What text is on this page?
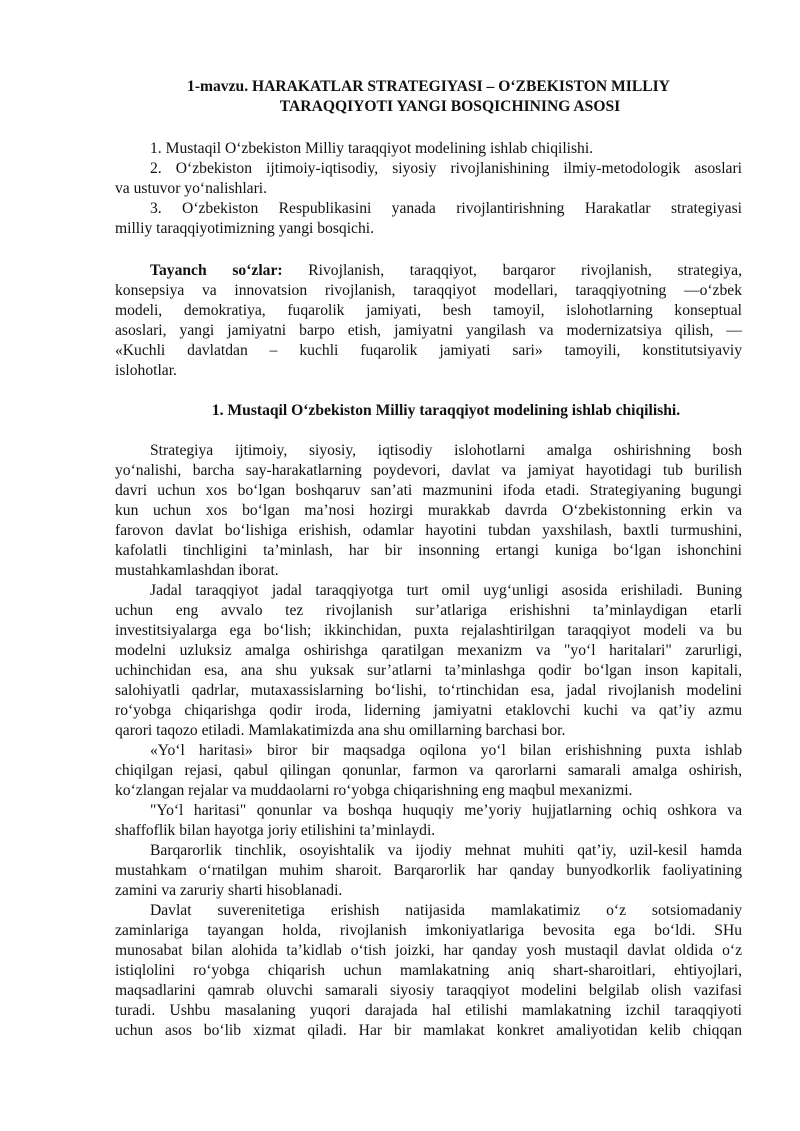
1-mavzu. HARAKATLAR STRATEGIYASI – O‘ZBEKISTON MILLIY
TARAQQIYOTI YANGI BOSQICHINING ASOSI
1. Mustaqil O‘zbekiston Milliy taraqqiyot modelining ishlab chiqilishi.
2. O‘zbekiston ijtimoiy-iqtisodiy, siyosiy rivojlanishining ilmiy-metodologik asoslari
va ustuvor yo‘nalishlari.
3. O‘zbekiston Respublikasini yanada rivojlantirishning Harakatlar strategiyasi
milliy taraqqiyotimizning yangi bosqichi.
Tayanch so‘zlar: Rivojlanish, taraqqiyot, barqaror rivojlanish, strategiya,
konsepsiya va innovatsion rivojlanish, taraqqiyot modellari, taraqqiyotning —o‘zbek
modeli, demokratiya, fuqarolik jamiyati, besh tamoyil, islohotlarning konseptual
asoslari, yangi jamiyatni barpo etish, jamiyatni yangilash va modernizatsiya qilish, —
«Kuchli davlatdan – kuchli fuqarolik jamiyati sari» tamoyili, konstitutsiyaviy
islohotlar.
1. Mustaqil O‘zbekiston Milliy taraqqiyot modelining ishlab chiqilishi.
Strategiya ijtimoiy, siyosiy, iqtisodiy islohotlarni amalga oshirishning bosh
yo‘nalishi, barcha say-harakatlarning poydevori, davlat va jamiyat hayotidagi tub burilish
davri uchun xos bo‘lgan boshqaruv san’ati mazmunini ifoda etadi. Strategiyaning bugungi
kun uchun xos bo‘lgan ma’nosi hozirgi murakkab davrda O‘zbekistonning erkin va
farovon davlat bo‘lishiga erishish, odamlar hayotini tubdan yaxshilash, baxtli turmushini,
kafolatli tinchligini ta’minlash, har bir insonning ertangi kuniga bo‘lgan ishonchini
mustahkamlashdan iborat.
Jadal taraqqiyot jadal taraqqiyotga turt omil uyg‘unligi asosida erishiladi. Buning
uchun eng avvalo tez rivojlanish sur’atlariga erishishni ta’minlaydigan etarli
investitsiyalarga ega bo‘lish; ikkinchidan, puxta rejalashtirilgan taraqqiyot modeli va bu
modelni uzluksiz amalga oshirishga qaratilgan mexanizm va "yo‘l haritalari" zarurligi,
uchinchidan esa, ana shu yuksak sur’atlarni ta’minlashga qodir bo‘lgan inson kapitali,
salohiyatli qadrlar, mutaxassislarning bo‘lishi, to‘rtinchidan esa, jadal rivojlanish modelini
ro‘yobga chiqarishga qodir iroda, liderning jamiyatni etaklovchi kuchi va qat’iy azmu
qarori taqozo etiladi. Mamlakatimizda ana shu omillarning barchasi bor.
«Yo‘l haritasi» biror bir maqsadga oqilona yo‘l bilan erishishning puxta ishlab
chiqilgan rejasi, qabul qilingan qonunlar, farmon va qarorlarni samarali amalga oshirish,
ko‘zlangan rejalar va muddaolarni ro‘yobga chiqarishning eng maqbul mexanizmi.
"Yo‘l haritasi" qonunlar va boshqa huquqiy me’yoriy hujjatlarning ochiq oshkora va
shaffoflik bilan hayotga joriy etilishini ta’minlaydi.
Barqarorlik tinchlik, osoyishtalik va ijodiy mehnat muhiti qat’iy, uzil-kesil hamda
mustahkam o‘rnatilgan muhim sharoit. Barqarorlik har qanday bunyodkorlik faoliyatining
zamini va zaruriy sharti hisoblanadi.
Davlat suverenitetiga erishish natijasida mamlakatimiz o‘z sotsiomadaniy
zaminlariga tayangan holda, rivojlanish imkoniyatlariga bevosita ega bo‘ldi. SHu
munosabat bilan alohida ta’kidlab o‘tish joizki, har qanday yosh mustaqil davlat oldida o‘z
istiqlolini ro‘yobga chiqarish uchun mamlakatning aniq shart-sharoitlari, ehtiyojlari,
maqsadlarini qamrab oluvchi samarali siyosiy taraqqiyot modelini belgilab olish vazifasi
turadi. Ushbu masalaning yuqori darajada hal etilishi mamlakatning izchil taraqqiyoti
uchun asos bo‘lib xizmat qiladi. Har bir mamlakat konkret amaliyotidan kelib chiqqan
